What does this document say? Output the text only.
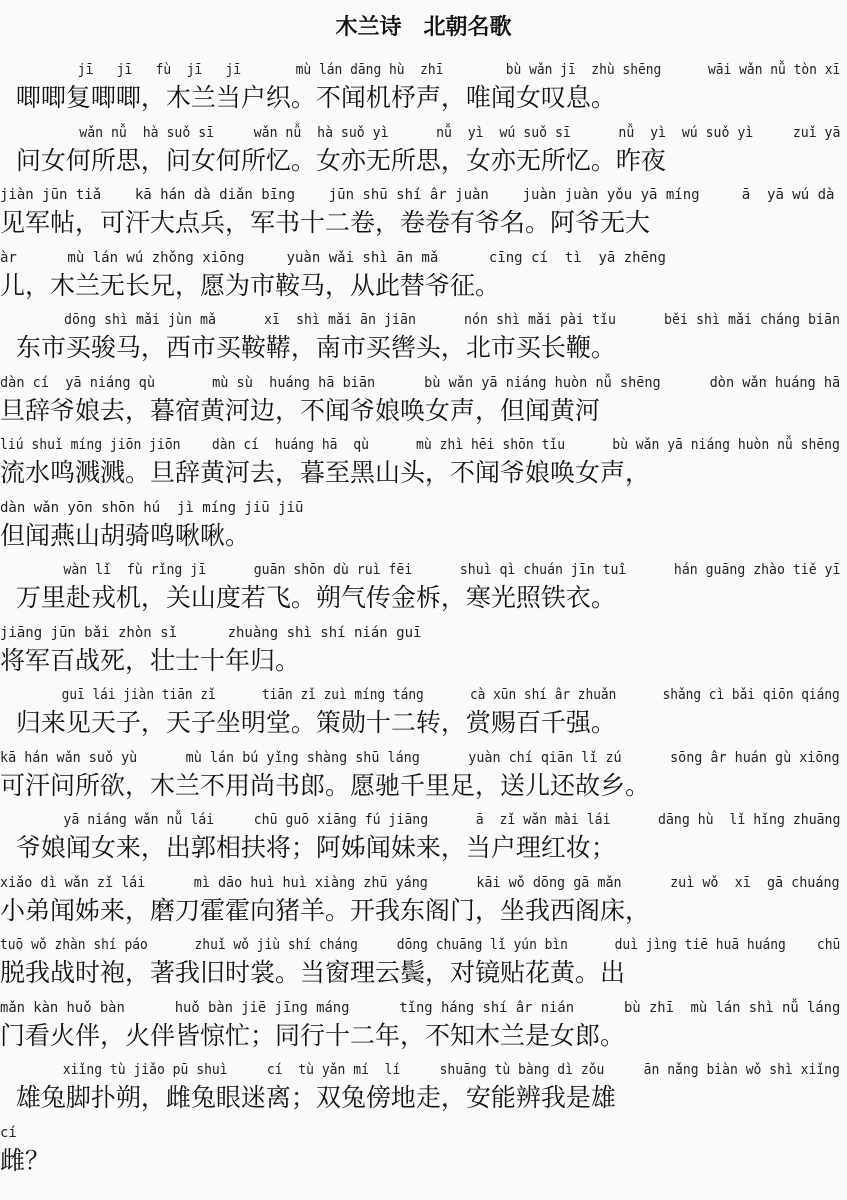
木兰诗　北朝名歌
jī   jī   fù  jī   jī       mù lán dāng hù  zhī        bù wǎn jī  zhù shēng      wāi wǎn nǚ tòn xī
唧唧复唧唧，木兰当户织。不闻机杼声，唯闻女叹息。
wǎn nǚ  hà suǒ sī     wǎn nǚ  hà suǒ yì      nǚ  yì  wú suǒ sī      nǚ  yì  wú suǒ yì     zuǐ yā
问女何所思，问女何所忆。女亦无所思，女亦无所忆。昨夜
jiàn jūn tiǎ    kā hán dà diǎn bīng    jūn shū shí âr juàn    juàn juàn yǒu yā míng     ā  yā wú dà
见军帖，可汗大点兵，军书十二卷，卷卷有爷名。阿爷无大
àr      mù lán wú zhǒng xiōng     yuàn wǎi shì ān mǎ      cīng cí  tì  yā zhēng
儿，木兰无长兄，愿为市鞍马，从此替爷征。
dōng shì mǎi jùn mǎ      xī  shì mǎi ān jiān      nón shì mǎi pài tǐu      běi shì mǎi cháng biān
东市买骏马，西市买鞍鞯，南市买辔头，北市买长鞭。
dàn cí  yā niáng qù       mù sù  huáng hā biān      bù wǎn yā niáng huòn nǚ shēng      dòn wǎn huáng hā
旦辞爷娘去，暮宿黄河边，不闻爷娘唤女声，但闻黄河
liú shuǐ míng jiōn jiōn    dàn cí  huáng hā  qù      mù zhì hēi shōn tǐu      bù wǎn yā niáng huòn nǚ shēng
流水鸣溅溅。旦辞黄河去，暮至黑山头，不闻爷娘唤女声，
dàn wǎn yōn shōn hú  jì míng jiū jiū
但闻燕山胡骑鸣啾啾。
wàn lǐ  fù rǐng jī      guān shōn dù ruì fēi      shuì qì chuán jīn tuî      hán guāng zhào tiě yī
万里赴戎机，关山度若飞。朔气传金柝，寒光照铁衣。
jiāng jūn bǎi zhòn sǐ      zhuàng shì shí nián guī
将军百战死，壮士十年归。
guī lái jiàn tiān zǐ      tiān zǐ zuì míng táng      cà xūn shí âr zhuǎn      shǎng cì bǎi qiōn qiáng
归来见天子，天子坐明堂。策勋十二转，赏赐百千强。
kā hán wǎn suǒ yù      mù lán bú yǐng shàng shū láng      yuàn chí qiān lǐ zú      sōng âr huán gù xiōng
可汗问所欲，木兰不用尚书郎。愿驰千里足，送儿还故乡。
yā niáng wǎn nǚ lái     chū guō xiāng fú jiāng      ā  zǐ wǎn mài lái      dāng hù  lǐ hǐng zhuāng
爷娘闻女来，出郭相扶将；阿姊闻妹来，当户理红妆；
xiǎo dì wǎn zǐ lái      mì dāo huì huì xiàng zhū yáng      kāi wǒ dōng gā mǎn      zuì wǒ  xī  gā chuáng
小弟闻姊来，磨刀霍霍向猪羊。开我东阁门，坐我西阁床，
tuō wǒ zhàn shí páo      zhuǐ wǒ jiù shí cháng     dōng chuāng lǐ yún bìn      duì jìng tiē huā huáng    chū
脱我战时袍，著我旧时裳。当窗理云鬓，对镜贴花黄。出
mǎn kàn huǒ bàn      huǒ bàn jiē jīng máng      tǐng háng shí âr nián      bù zhī  mù lán shì nǚ láng
门看火伴，火伴皆惊忙；同行十二年，不知木兰是女郎。
xiǐng tù jiǎo pū shuì     cí  tù yǎn mí  lí     shuāng tù bàng dì zǒu     ān nǎng biàn wǒ shì xiǐng
雄兔脚扑朔，雌兔眼迷离；双兔傍地走，安能辨我是雄
cí
雌？
